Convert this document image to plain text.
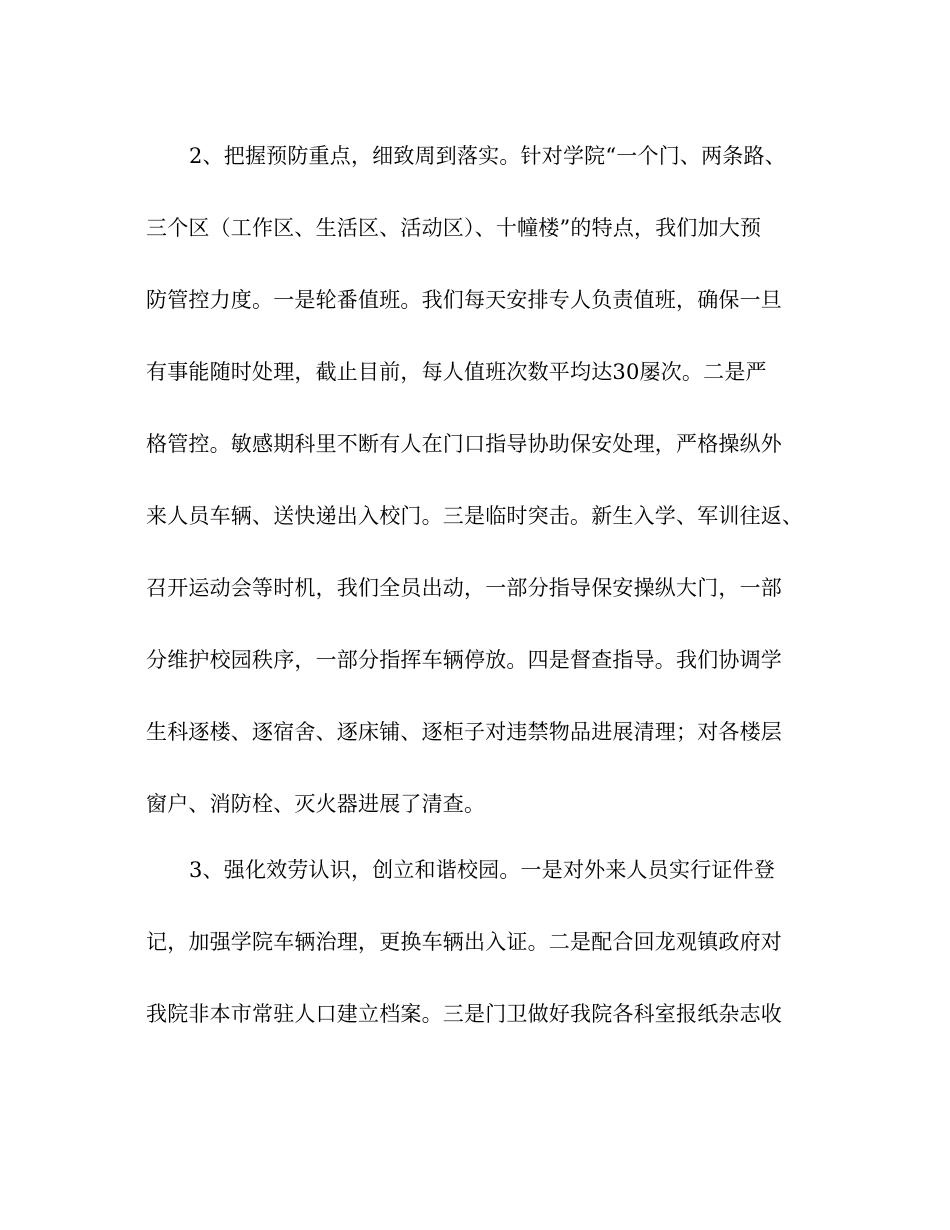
2、把握预防重点，细致周到落实。针对学院“一个门、两条路、

三个区（工作区、生活区、活动区）、十幢楼”的特点，我们加大预

防管控力度。一是轮番值班。我们每天安排专人负责值班，确保一旦

有事能随时处理，截止目前，每人值班次数平均达30屡次。二是严

格管控。敏感期科里不断有人在门口指导协助保安处理，严格操纵外

来人员车辆、送快递出入校门。三是临时突击。新生入学、军训往返、

召开运动会等时机，我们全员出动，一部分指导保安操纵大门，一部

分维护校园秩序，一部分指挥车辆停放。四是督查指导。我们协调学

生科逐楼、逐宿舍、逐床铺、逐柜子对违禁物品进展清理；对各楼层

窗户、消防栓、灭火器进展了清查。

3、强化效劳认识，创立和谐校园。一是对外来人员实行证件登

记，加强学院车辆治理，更换车辆出入证。二是配合回龙观镇政府对

我院非本市常驻人口建立档案。三是门卫做好我院各科室报纸杂志收
